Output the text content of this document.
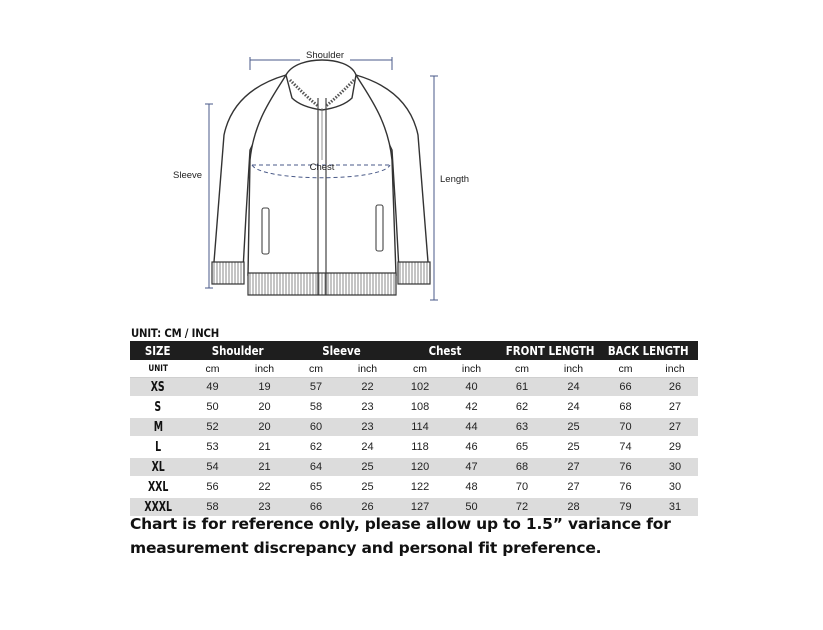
Shoulder
Sleeve
Chest
Length
UNIT: CM / INCH
SIZE	Shoulder		Sleeve		Chest		FRONT LENGTH		BACK LENGTH	
UNIT	cm	inch	cm	inch	cm	inch	cm	inch	cm	inch
XS	49	19	57	22	102	40	61	24	66	26
S	50	20	58	23	108	42	62	24	68	27
M	52	20	60	23	114	44	63	25	70	27
L	53	21	62	24	118	46	65	25	74	29
XL	54	21	64	25	120	47	68	27	76	30
XXL	56	22	65	25	122	48	70	27	76	30
XXXL	58	23	66	26	127	50	72	28	79	31
Chart is for reference only, please allow up to 1.5” variance for
measurement discrepancy and personal fit preference.
